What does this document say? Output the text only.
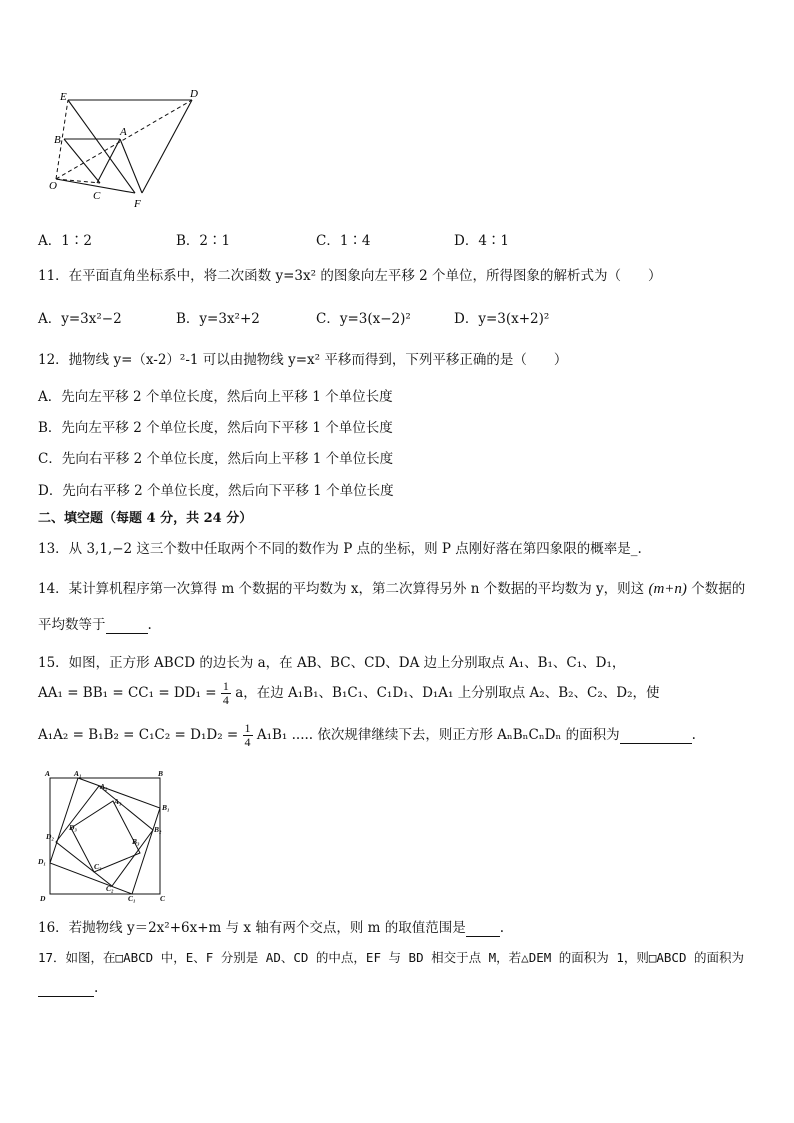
E	D
B
A
O
C
F
A．1∶2	B．2∶1	C．1∶4	D．4∶1
11．在平面直角坐标系中，将二次函数 y=3x² 的图象向左平移 2 个单位，所得图象的解析式为（　　）
A．y=3x²−2	B．y=3x²+2	C．y=3(x−2)²	D．y=3(x+2)²
12．抛物线 y=（x-2）²-1 可以由抛物线 y=x² 平移而得到，下列平移正确的是（　　）
A．先向左平移 2 个单位长度，然后向上平移 1 个单位长度
B．先向左平移 2 个单位长度，然后向下平移 1 个单位长度
C．先向右平移 2 个单位长度，然后向上平移 1 个单位长度
D．先向右平移 2 个单位长度，然后向下平移 1 个单位长度
二、填空题（每题 4 分，共 24 分）
13．从 3,1,−2 这三个数中任取两个不同的数作为 P 点的坐标，则 P 点刚好落在第四象限的概率是_.
14．某计算机程序第一次算得 m 个数据的平均数为 x，第二次算得另外 n 个数据的平均数为 y，则这 (m+n) 个数据的
平均数等于	.
15．如图，正方形 ABCD 的边长为 a，在 AB、BC、CD、DA 边上分别取点 A₁、B₁、C₁、D₁，
$AA_1 = BB_1 = CC_1 = DD_1 = \frac{1}{4}$ a，在边 A₁B₁、B₁C₁、C₁D₁、D₁A₁ 上分别取点 A₂、B₂、C₂、D₂，使
$A_1A_2 = B_1B_2 = C_1C_2 = D_1D_2 = \frac{1}{4} A_1B_1$ ..... 依次规律继续下去，则正方形 AₙBₙCₙDₙ 的面积为	.
A	A₁	B
A₂
B₁
A₃
D₂
D₃
B₃
B₂
D₁
C₃
C₂
D	C₁	C
16．若抛物线 y＝2x²+6x+m 与 x 轴有两个交点，则 m 的取值范围是	.
17．如图，在□ABCD 中，E、F 分别是 AD、CD 的中点，EF 与 BD 相交于点 M，若△DEM 的面积为 1，则□ABCD 的面积为
.
